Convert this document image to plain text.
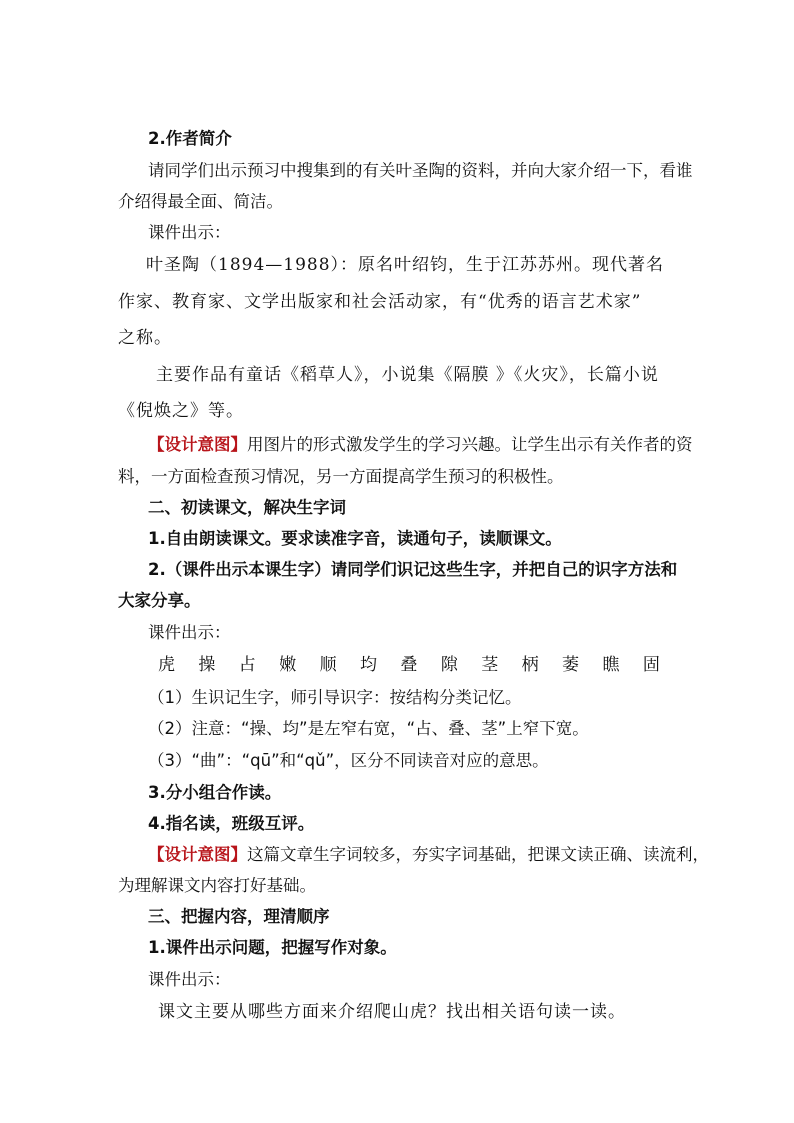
2.作者简介
请同学们出示预习中搜集到的有关叶圣陶的资料，并向大家介绍一下，看谁
介绍得最全面、简洁。
课件出示：
叶圣陶（1894—1988）：原名叶绍钧，生于江苏苏州。现代著名
作家、教育家、文学出版家和社会活动家，有“优秀的语言艺术家”
之称。
主要作品有童话《稻草人》，小说集《隔膜 》《火灾》，长篇小说
《倪焕之》等。
【设计意图】用图片的形式激发学生的学习兴趣。让学生出示有关作者的资
料，一方面检查预习情况，另一方面提高学生预习的积极性。
二、初读课文，解决生字词
1.自由朗读课文。要求读准字音，读通句子，读顺课文。
2.（课件出示本课生字）请同学们识记这些生字，并把自己的识字方法和
大家分享。
课件出示：
虎 操 占 嫩 顺 均 叠 隙 茎 柄 萎 瞧 固
（1）生识记生字，师引导识字：按结构分类记忆。
（2）注意：“操、均”是左窄右宽，“占、叠、茎”上窄下宽。
（3）“曲”：“qū”和“qǔ”，区分不同读音对应的意思。
3.分小组合作读。
4.指名读，班级互评。
【设计意图】这篇文章生字词较多，夯实字词基础，把课文读正确、读流利，
为理解课文内容打好基础。
三、把握内容，理清顺序
1.课件出示问题，把握写作对象。
课件出示：
课文主要从哪些方面来介绍爬山虎？找出相关语句读一读。
